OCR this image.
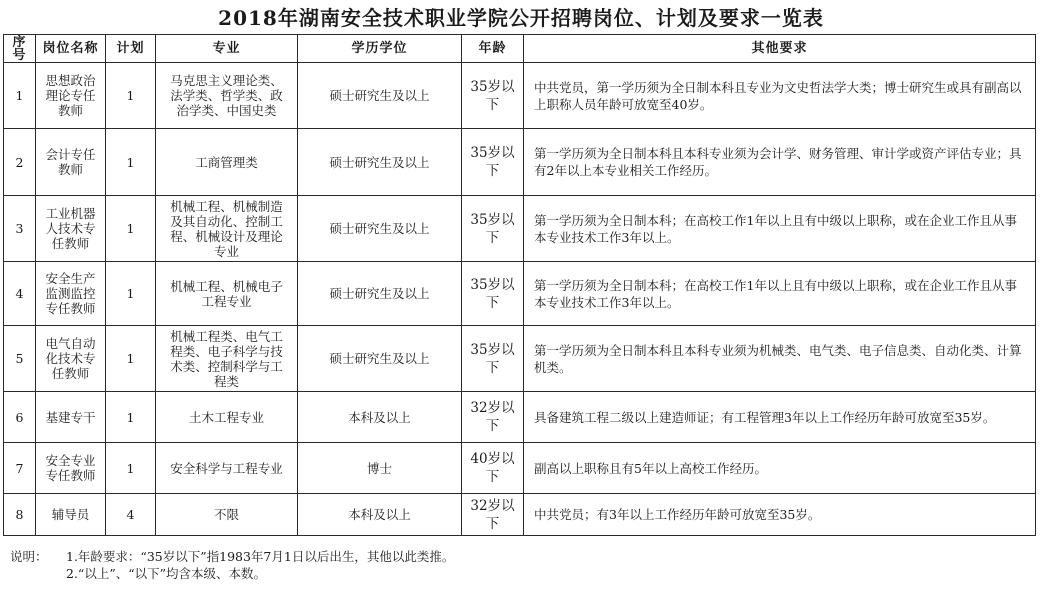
2018年湖南安全技术职业学院公开招聘岗位、计划及要求一览表
序号	岗位名称	计划	专业	学历学位	年龄	其他要求
1	思想政治理论专任教师	1	马克思主义理论类、法学类、哲学类、政治学类、中国史类	硕士研究生及以上	35岁以下	中共党员，第一学历须为全日制本科且专业为文史哲法学大类；博士研究生或具有副高以上职称人员年龄可放宽至40岁。
2	会计专任教师	1	工商管理类	硕士研究生及以上	35岁以下	第一学历须为全日制本科且本科专业须为会计学、财务管理、审计学或资产评估专业；具有2年以上本专业相关工作经历。
3	工业机器人技术专任教师	1	机械工程、机械制造及其自动化、控制工程、机械设计及理论专业	硕士研究生及以上	35岁以下	第一学历须为全日制本科；在高校工作1年以上且有中级以上职称，或在企业工作且从事本专业技术工作3年以上。
4	安全生产监测监控专任教师	1	机械工程、机械电子工程专业	硕士研究生及以上	35岁以下	第一学历须为全日制本科；在高校工作1年以上且有中级以上职称，或在企业工作且从事本专业技术工作3年以上。
5	电气自动化技术专任教师	1	机械工程类、电气工程类、电子科学与技术类、控制科学与工程类	硕士研究生及以上	35岁以下	第一学历须为全日制本科且本科专业须为机械类、电气类、电子信息类、自动化类、计算机类。
6	基建专干	1	土木工程专业	本科及以上	32岁以下	具备建筑工程二级以上建造师证；有工程管理3年以上工作经历年龄可放宽至35岁。
7	安全专业专任教师	1	安全科学与工程专业	博士	40岁以下	副高以上职称且有5年以上高校工作经历。
8	辅导员	4	不限	本科及以上	32岁以下	中共党员；有3年以上工作经历年龄可放宽至35岁。
说明： 1.年龄要求：“35岁以下”指1983年7月1日以后出生，其他以此类推。
2.“以上”、“以下”均含本级、本数。
